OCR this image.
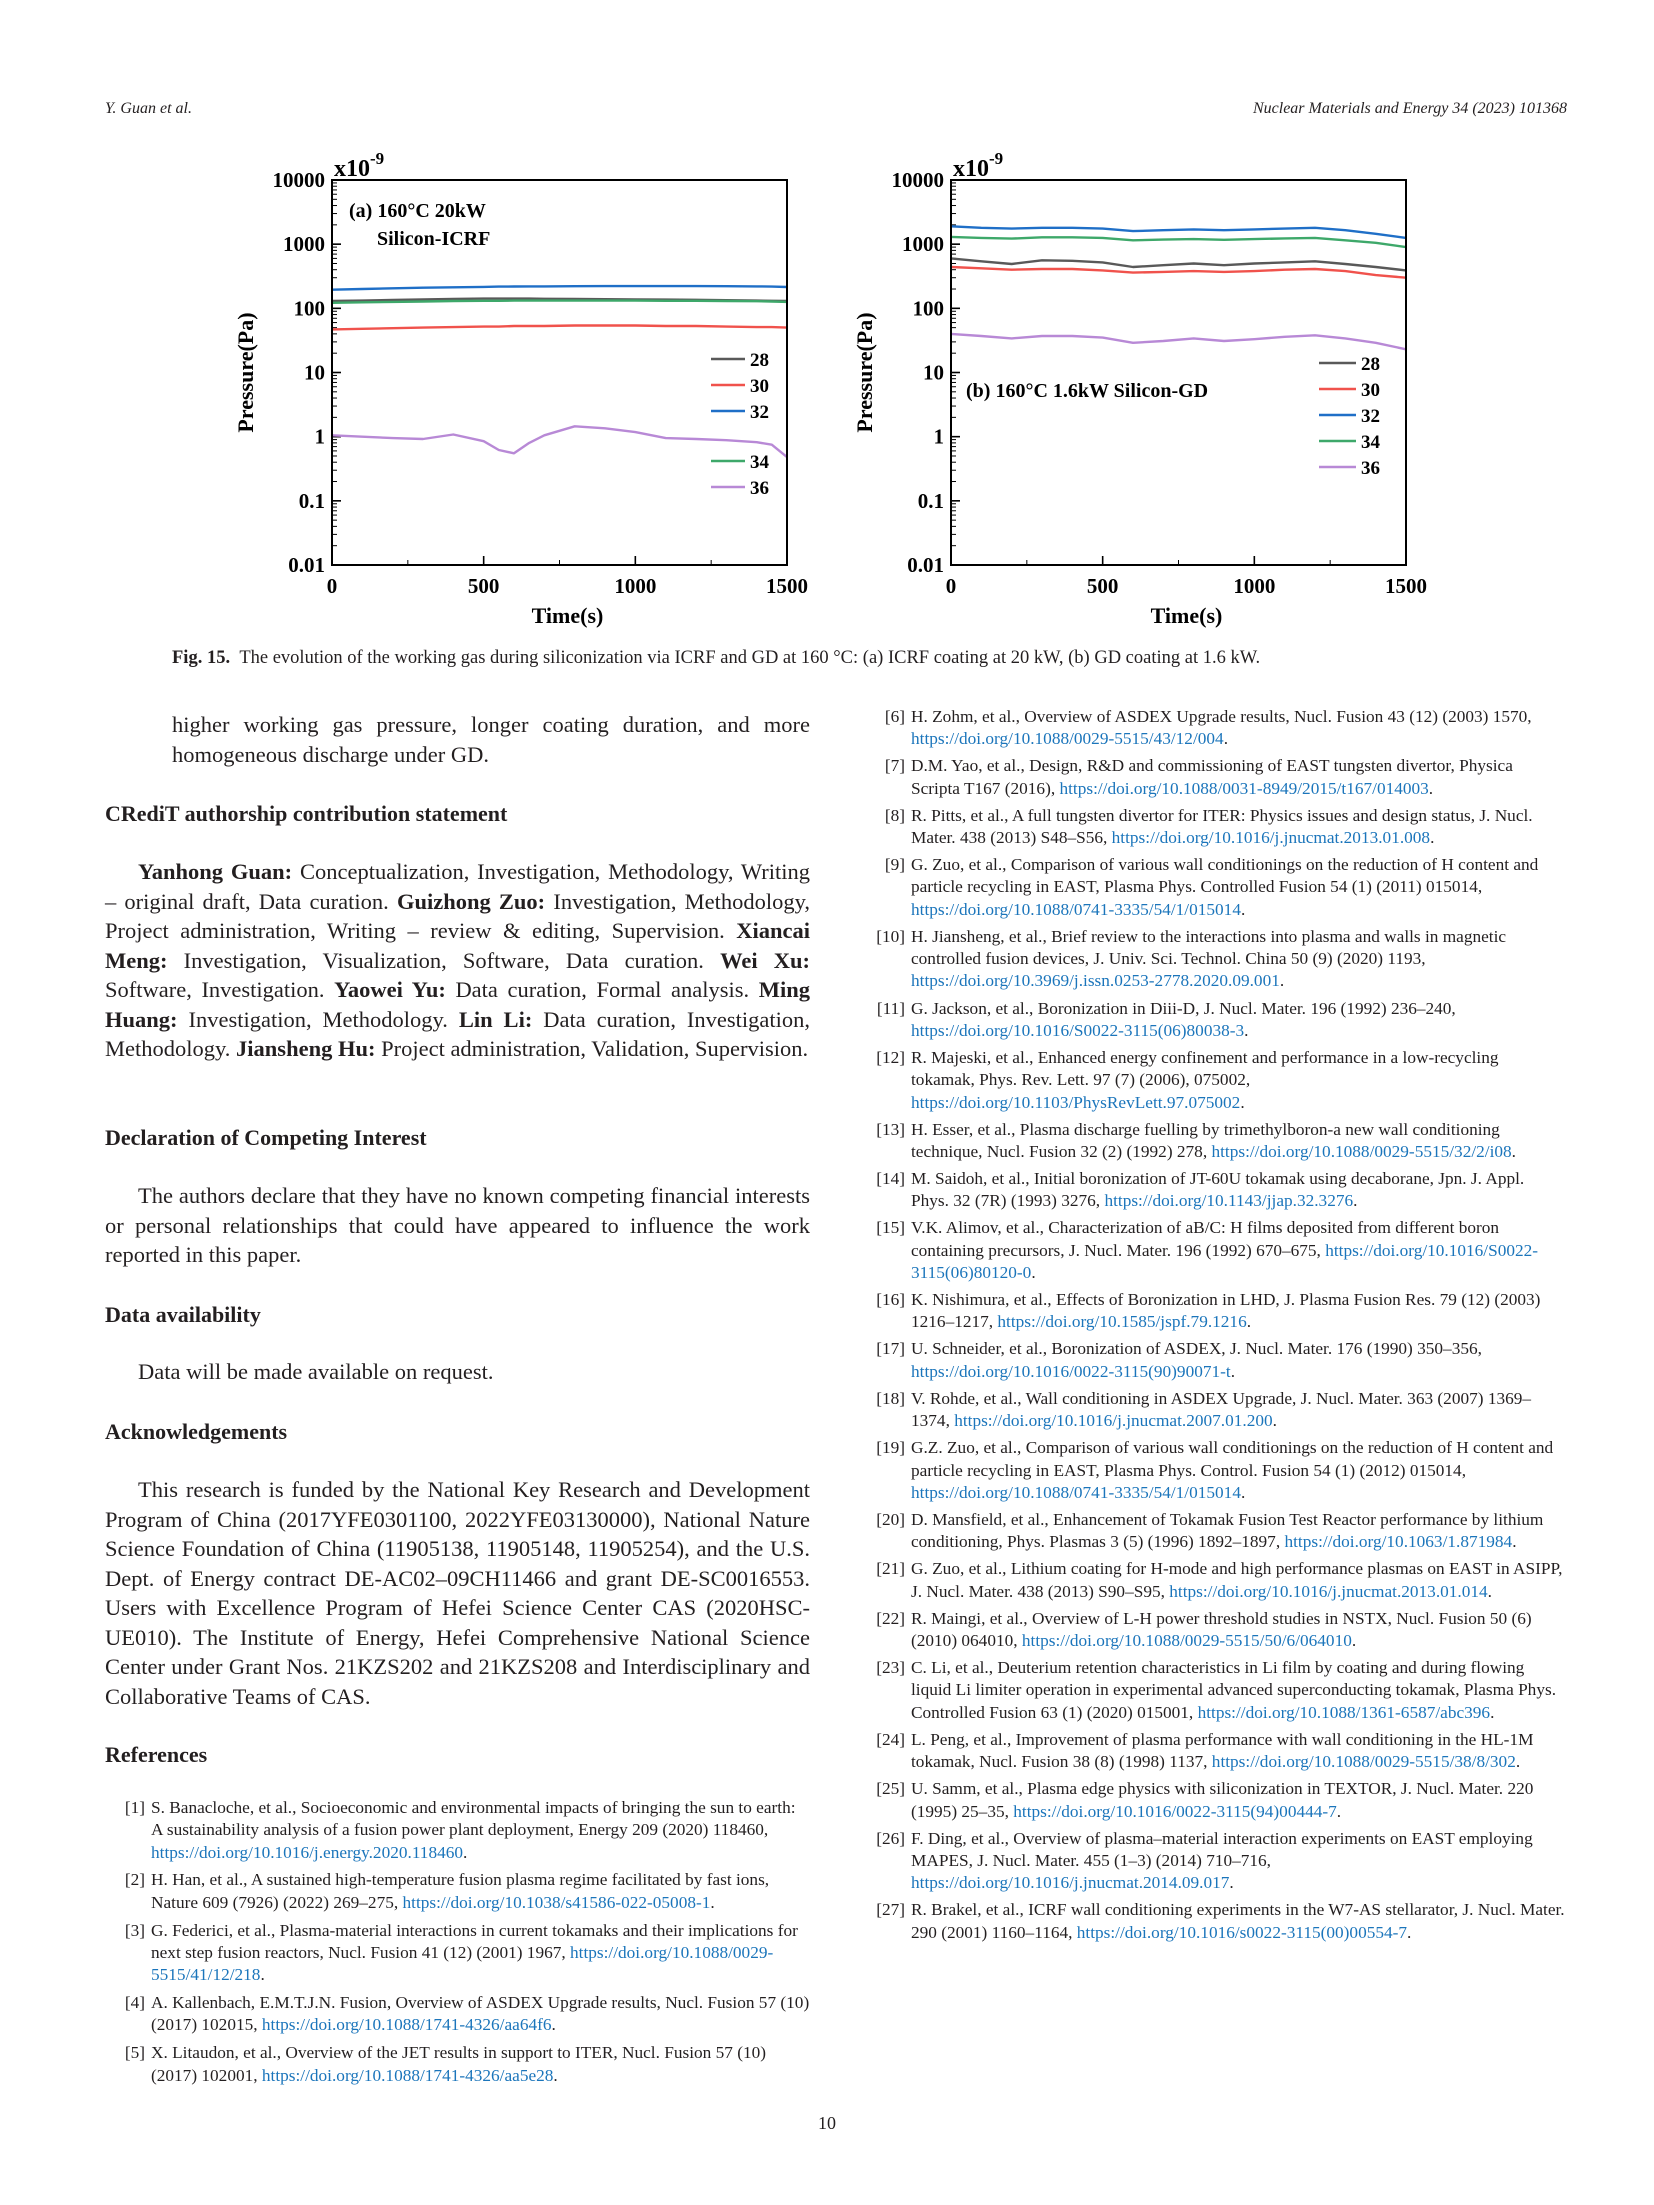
Y. Guan et al.	Nuclear Materials and Energy 34 (2023) 101368
0.01
0.1
1
10
100
1000
10000
0	500	1000	1500
$x10^{-9}$
Time(s)
Pressure(Pa)
(a) 160°C 20kW
Silicon-ICRF
28
30
32
34
36
0.01
0.1
1
10
100
1000
10000
0	500	1000	1500
$x10^{-9}$
Time(s)
Pressure(Pa)	(b) 160°C 1.6kW Silicon-GD
28
30
32
34
36
Fig. 15. The evolution of the working gas during siliconization via ICRF and GD at 160 °C: (a) ICRF coating at 20 kW, (b) GD coating at 1.6 kW.
higher working gas pressure, longer coating duration, and more homogeneous discharge under GD.
CRediT authorship contribution statement
Yanhong Guan: Conceptualization, Investigation, Methodology, Writing – original draft, Data curation. Guizhong Zuo: Investigation, Methodology, Project administration, Writing – review & editing, Supervision. Xiancai Meng: Investigation, Visualization, Software, Data curation. Wei Xu: Software, Investigation. Yaowei Yu: Data curation, Formal analysis. Ming Huang: Investigation, Methodology. Lin Li: Data curation, Investigation, Methodology. Jiansheng Hu: Project administration, Validation, Supervision.
Declaration of Competing Interest
The authors declare that they have no known competing financial interests or personal relationships that could have appeared to influence the work reported in this paper.
Data availability
Data will be made available on request.
Acknowledgements
This research is funded by the National Key Research and Development Program of China (2017YFE0301100, 2022YFE03130000), National Nature Science Foundation of China (11905138, 11905148, 11905254), and the U.S. Dept. of Energy contract DE-AC02–09CH11466 and grant DE-SC0016553. Users with Excellence Program of Hefei Science Center CAS (2020HSC-UE010). The Institute of Energy, Hefei Comprehensive National Science Center under Grant Nos. 21KZS202 and 21KZS208 and Interdisciplinary and Collaborative Teams of CAS.
References
[1] S. Banacloche, et al., Socioeconomic and environmental impacts of bringing the sun to earth: A sustainability analysis of a fusion power plant deployment, Energy 209 (2020) 118460, https://doi.org/10.1016/j.energy.2020.118460.
[2] H. Han, et al., A sustained high-temperature fusion plasma regime facilitated by fast ions, Nature 609 (7926) (2022) 269–275, https://doi.org/10.1038/s41586-022-05008-1.
[3] G. Federici, et al., Plasma-material interactions in current tokamaks and their implications for next step fusion reactors, Nucl. Fusion 41 (12) (2001) 1967, https://doi.org/10.1088/0029-5515/41/12/218.
[4] A. Kallenbach, E.M.T.J.N. Fusion, Overview of ASDEX Upgrade results, Nucl. Fusion 57 (10) (2017) 102015, https://doi.org/10.1088/1741-4326/aa64f6.
[5] X. Litaudon, et al., Overview of the JET results in support to ITER, Nucl. Fusion 57 (10) (2017) 102001, https://doi.org/10.1088/1741-4326/aa5e28.
[6] H. Zohm, et al., Overview of ASDEX Upgrade results, Nucl. Fusion 43 (12) (2003) 1570, https://doi.org/10.1088/0029-5515/43/12/004.
[7] D.M. Yao, et al., Design, R&D and commissioning of EAST tungsten divertor, Physica Scripta T167 (2016), https://doi.org/10.1088/0031-8949/2015/t167/014003.
[8] R. Pitts, et al., A full tungsten divertor for ITER: Physics issues and design status, J. Nucl. Mater. 438 (2013) S48–S56, https://doi.org/10.1016/j.jnucmat.2013.01.008.
[9] G. Zuo, et al., Comparison of various wall conditionings on the reduction of H content and particle recycling in EAST, Plasma Phys. Controlled Fusion 54 (1) (2011) 015014, https://doi.org/10.1088/0741-3335/54/1/015014.
[10] H. Jiansheng, et al., Brief review to the interactions into plasma and walls in magnetic controlled fusion devices, J. Univ. Sci. Technol. China 50 (9) (2020) 1193, https://doi.org/10.3969/j.issn.0253-2778.2020.09.001.
[11] G. Jackson, et al., Boronization in Diii-D, J. Nucl. Mater. 196 (1992) 236–240, https://doi.org/10.1016/S0022-3115(06)80038-3.
[12] R. Majeski, et al., Enhanced energy confinement and performance in a low-recycling tokamak, Phys. Rev. Lett. 97 (7) (2006), 075002, https://doi.org/10.1103/PhysRevLett.97.075002.
[13] H. Esser, et al., Plasma discharge fuelling by trimethylboron-a new wall conditioning technique, Nucl. Fusion 32 (2) (1992) 278, https://doi.org/10.1088/0029-5515/32/2/i08.
[14] M. Saidoh, et al., Initial boronization of JT-60U tokamak using decaborane, Jpn. J. Appl. Phys. 32 (7R) (1993) 3276, https://doi.org/10.1143/jjap.32.3276.
[15] V.K. Alimov, et al., Characterization of aB/C: H films deposited from different boron containing precursors, J. Nucl. Mater. 196 (1992) 670–675, https://doi.org/10.1016/S0022-3115(06)80120-0.
[16] K. Nishimura, et al., Effects of Boronization in LHD, J. Plasma Fusion Res. 79 (12) (2003) 1216–1217, https://doi.org/10.1585/jspf.79.1216.
[17] U. Schneider, et al., Boronization of ASDEX, J. Nucl. Mater. 176 (1990) 350–356, https://doi.org/10.1016/0022-3115(90)90071-t.
[18] V. Rohde, et al., Wall conditioning in ASDEX Upgrade, J. Nucl. Mater. 363 (2007) 1369–1374, https://doi.org/10.1016/j.jnucmat.2007.01.200.
[19] G.Z. Zuo, et al., Comparison of various wall conditionings on the reduction of H content and particle recycling in EAST, Plasma Phys. Control. Fusion 54 (1) (2012) 015014, https://doi.org/10.1088/0741-3335/54/1/015014.
[20] D. Mansfield, et al., Enhancement of Tokamak Fusion Test Reactor performance by lithium conditioning, Phys. Plasmas 3 (5) (1996) 1892–1897, https://doi.org/10.1063/1.871984.
[21] G. Zuo, et al., Lithium coating for H-mode and high performance plasmas on EAST in ASIPP, J. Nucl. Mater. 438 (2013) S90–S95, https://doi.org/10.1016/j.jnucmat.2013.01.014.
[22] R. Maingi, et al., Overview of L-H power threshold studies in NSTX, Nucl. Fusion 50 (6) (2010) 064010, https://doi.org/10.1088/0029-5515/50/6/064010.
[23] C. Li, et al., Deuterium retention characteristics in Li film by coating and during flowing liquid Li limiter operation in experimental advanced superconducting tokamak, Plasma Phys. Controlled Fusion 63 (1) (2020) 015001, https://doi.org/10.1088/1361-6587/abc396.
[24] L. Peng, et al., Improvement of plasma performance with wall conditioning in the HL-1M tokamak, Nucl. Fusion 38 (8) (1998) 1137, https://doi.org/10.1088/0029-5515/38/8/302.
[25] U. Samm, et al., Plasma edge physics with siliconization in TEXTOR, J. Nucl. Mater. 220 (1995) 25–35, https://doi.org/10.1016/0022-3115(94)00444-7.
[26] F. Ding, et al., Overview of plasma–material interaction experiments on EAST employing MAPES, J. Nucl. Mater. 455 (1–3) (2014) 710–716, https://doi.org/10.1016/j.jnucmat.2014.09.017.
[27] R. Brakel, et al., ICRF wall conditioning experiments in the W7-AS stellarator, J. Nucl. Mater. 290 (2001) 1160–1164, https://doi.org/10.1016/s0022-3115(00)00554-7.
10
